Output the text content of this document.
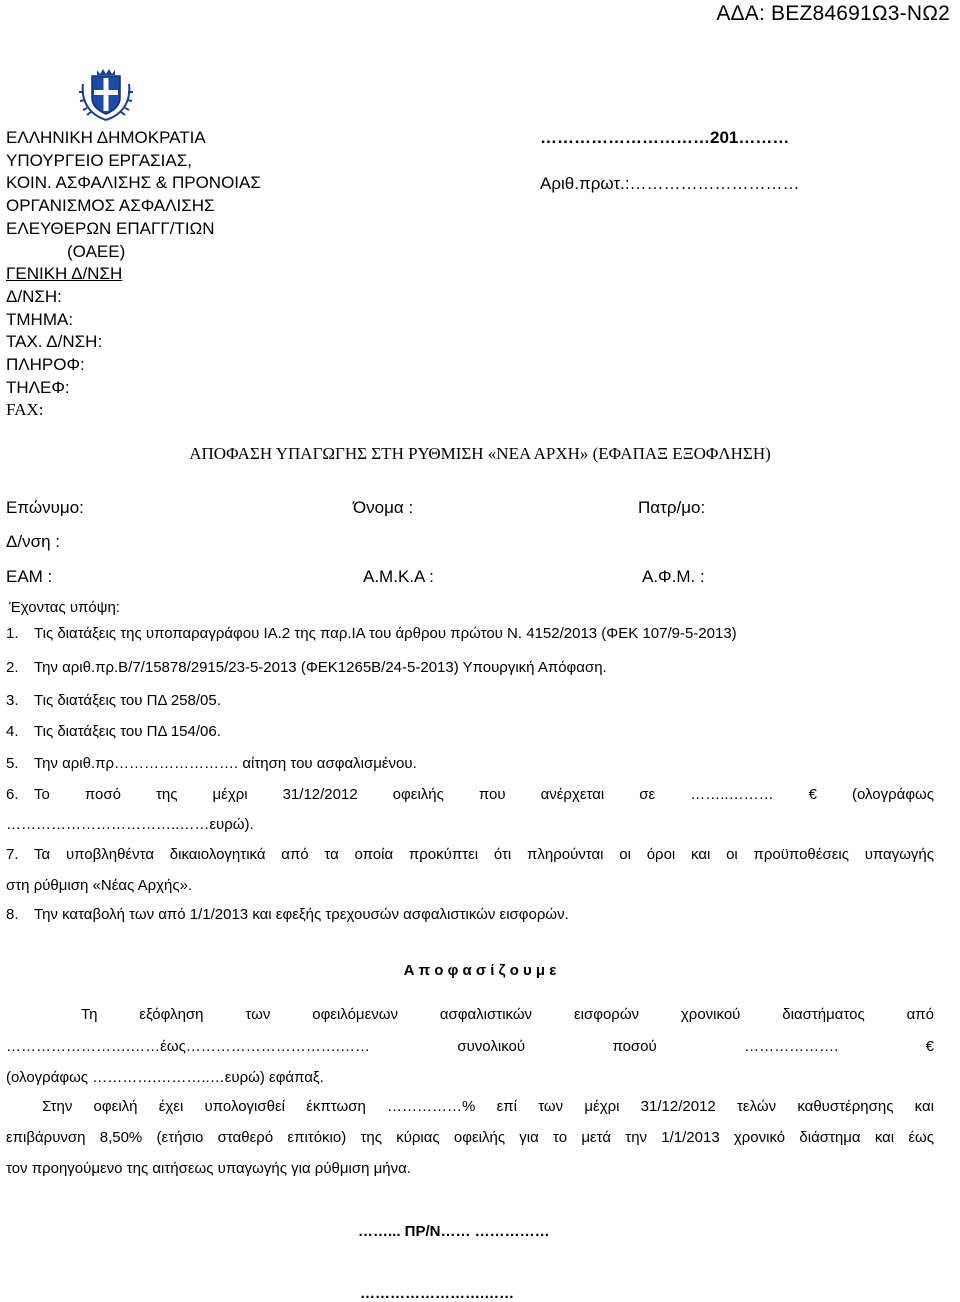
ΑΔΑ: ΒΕΖ84691Ω3-ΝΩ2
ΕΛΛΗΝΙΚΗ ΔΗΜΟΚΡΑΤΙΑ
ΥΠΟΥΡΓΕΙΟ ΕΡΓΑΣΙΑΣ,
ΚΟΙΝ. ΑΣΦΑΛΙΣΗΣ & ΠΡΟΝΟΙΑΣ
ΟΡΓΑΝΙΣΜΟΣ ΑΣΦΑΛΙΣΗΣ
ΕΛΕΥΘΕΡΩΝ ΕΠΑΓΓ/ΤΙΩΝ
(ΟΑΕΕ)
ΓΕΝΙΚΗ Δ/ΝΣΗ
Δ/ΝΣΗ:
ΤΜΗΜΑ:
ΤΑΧ. Δ/ΝΣΗ:
ΠΛΗΡΟΦ:
ΤΗΛΕΦ:
FAX:
…………………………201………
Αριθ.πρωτ.:…………………………
ΑΠΟΦΑΣΗ ΥΠΑΓΩΓΗΣ ΣΤΗ ΡΥΘΜΙΣΗ «ΝΕΑ ΑΡΧΗ» (ΕΦΑΠΑΞ ΕΞΟΦΛΗΣΗ)
Επώνυμο:	Όνομα :	Πατρ/μο:
Δ/νση :
ΕΑΜ :	Α.Μ.Κ.Α :	Α.Φ.Μ. :
Έχοντας υπόψη:
1. Τις διατάξεις της υποπαραγράφου ΙΑ.2 της παρ.ΙΑ του άρθρου πρώτου Ν. 4152/2013 (ΦΕΚ 107/9-5-2013)
2. Την αριθ.πρ.Β/7/15878/2915/23-5-2013 (ΦΕΚ1265Β/24-5-2013) Υπουργική Απόφαση.
3. Τις διατάξεις του ΠΔ 258/05.
4. Τις διατάξεις του ΠΔ 154/06.
5. Την αριθ.πρ……………………. αίτηση του ασφαλισμένου.
6. Το ποσό της μέχρι 31/12/2012 οφειλής που ανέρχεται σε ……..……… € (ολογράφως
……………………………..……ευρώ).
7. Τα υποβληθέντα δικαιολογητικά από τα οποία προκύπτει ότι πληρούνται οι όροι και οι προϋποθέσεις υπαγωγής
στη ρύθμιση «Νέας Αρχής».
8. Την καταβολή των από 1/1/2013 και εφεξής τρεχουσών ασφαλιστικών εισφορών.
Α π ο φ α σ ί ζ ο υ μ ε
Τη εξόφληση των οφειλόμενων ασφαλιστικών εισφορών χρονικού διαστήματος από
…………………….……έως………………………….…… συνολικού ποσού ………………. €
(ολογράφως ………….………..…ευρώ) εφάπαξ.
Στην οφειλή έχει υπολογισθεί έκπτωση ……………% επί των μέχρι 31/12/2012 τελών καθυστέρησης και
επιβάρυνση 8,50% (ετήσιο σταθερό επιτόκιο) της κύριας οφειλής για το μετά την 1/1/2013 χρονικό διάστημα και έως
τον προηγούμενο της αιτήσεως υπαγωγής για ρύθμιση μήνα.
……... ΠΡ/Ν…… ……………
…………………….……
